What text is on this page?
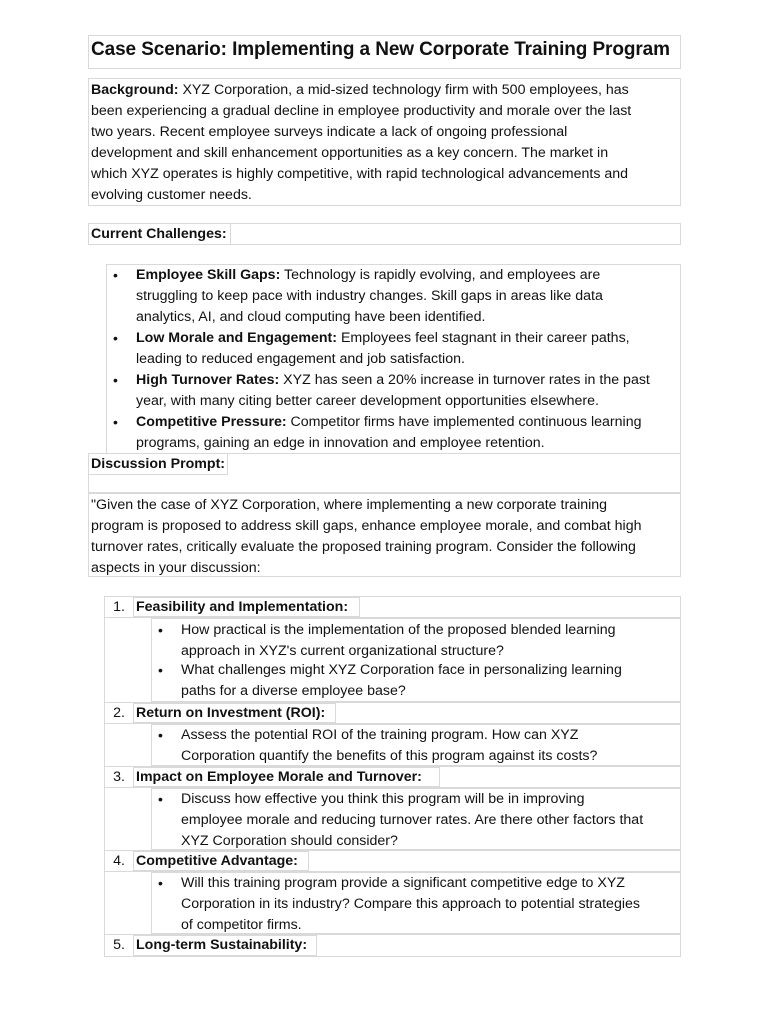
Case Scenario: Implementing a New Corporate Training Program
Background: XYZ Corporation, a mid-sized technology firm with 500 employees, has
been experiencing a gradual decline in employee productivity and morale over the last
two years. Recent employee surveys indicate a lack of ongoing professional
development and skill enhancement opportunities as a key concern. The market in
which XYZ operates is highly competitive, with rapid technological advancements and
evolving customer needs.
Current Challenges:
• Employee Skill Gaps: Technology is rapidly evolving, and employees are
struggling to keep pace with industry changes. Skill gaps in areas like data
analytics, AI, and cloud computing have been identified.
• Low Morale and Engagement: Employees feel stagnant in their career paths,
leading to reduced engagement and job satisfaction.
• High Turnover Rates: XYZ has seen a 20% increase in turnover rates in the past
year, with many citing better career development opportunities elsewhere.
• Competitive Pressure: Competitor firms have implemented continuous learning
programs, gaining an edge in innovation and employee retention.
Discussion Prompt:
"Given the case of XYZ Corporation, where implementing a new corporate training
program is proposed to address skill gaps, enhance employee morale, and combat high
turnover rates, critically evaluate the proposed training program. Consider the following
aspects in your discussion:
1. Feasibility and Implementation:
• How practical is the implementation of the proposed blended learning
approach in XYZ's current organizational structure?
• What challenges might XYZ Corporation face in personalizing learning
paths for a diverse employee base?
2. Return on Investment (ROI):
• Assess the potential ROI of the training program. How can XYZ
Corporation quantify the benefits of this program against its costs?
3. Impact on Employee Morale and Turnover:
• Discuss how effective you think this program will be in improving
employee morale and reducing turnover rates. Are there other factors that
XYZ Corporation should consider?
4. Competitive Advantage:
• Will this training program provide a significant competitive edge to XYZ
Corporation in its industry? Compare this approach to potential strategies
of competitor firms.
5. Long-term Sustainability:
